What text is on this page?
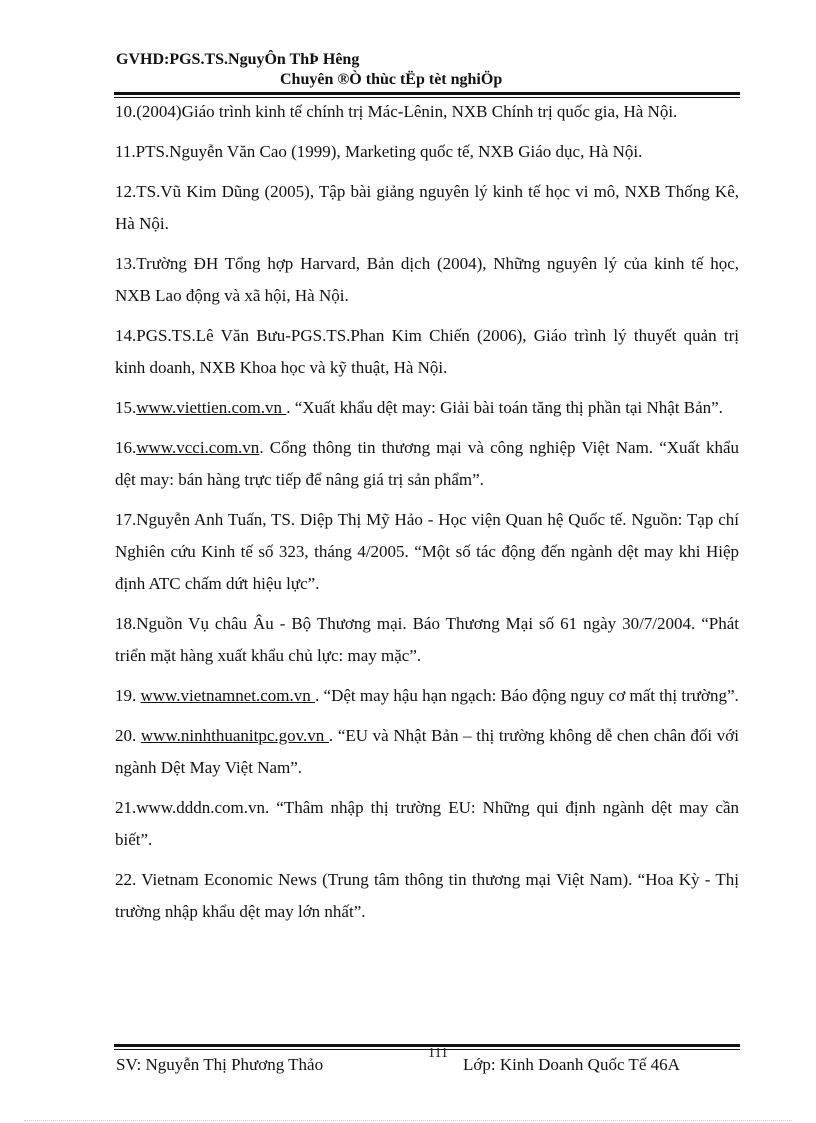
GVHD:PGS.TS.NguyÔn ThÞ Hêng
Chuyên ®Ò thùc tËp tèt nghiÖp

10.(2004)Giáo trình kinh tế chính trị Mác-Lênin, NXB Chính trị quốc gia, Hà Nội.

11.PTS.Nguyễn Văn Cao (1999), Marketing quốc tế, NXB Giáo dục, Hà Nội.

12.TS.Vũ Kim Dũng (2005), Tập bài giảng nguyên lý kinh tế học vi mô, NXB Thống Kê, Hà Nội.

13.Trường ĐH Tổng hợp Harvard, Bản dịch (2004), Những nguyên lý của kinh tế học, NXB Lao động và xã hội, Hà Nội.

14.PGS.TS.Lê Văn Bưu-PGS.TS.Phan Kim Chiến (2006), Giáo trình lý thuyết quản trị kinh doanh, NXB Khoa học và kỹ thuật, Hà Nội.

15.www.viettien.com.vn . “Xuất khẩu dệt may: Giải bài toán tăng thị phần tại Nhật Bản”.

16.www.vcci.com.vn. Cổng thông tin thương mại và công nghiệp Việt Nam. “Xuất khẩu dệt may: bán hàng trực tiếp để nâng giá trị sản phẩm”.

17.Nguyễn Anh Tuấn, TS. Diệp Thị Mỹ Hảo - Học viện Quan hệ Quốc tế. Nguồn: Tạp chí Nghiên cứu Kinh tế số 323, tháng 4/2005. “Một số tác động đến ngành dệt may khi Hiệp định ATC chấm dứt hiệu lực”.

18.Nguồn Vụ châu Âu - Bộ Thương mại. Báo Thương Mại số 61 ngày 30/7/2004. “Phát triển mặt hàng xuất khẩu chủ lực: may mặc”.

19. www.vietnamnet.com.vn . “Dệt may hậu hạn ngạch: Báo động nguy cơ mất thị trường”.

20. www.ninhthuanitpc.gov.vn . “EU và Nhật Bản – thị trường không dễ chen chân đối với ngành Dệt May Việt Nam”.

21.www.dddn.com.vn. “Thâm nhập thị trường EU: Những qui định ngành dệt may cần biết”.

22. Vietnam Economic News (Trung tâm thông tin thương mại Việt Nam). “Hoa Kỳ - Thị trường nhập khẩu dệt may lớn nhất”.

SV: Nguyễn Thị Phương Thảo
111
Lớp: Kinh Doanh Quốc Tế 46A
